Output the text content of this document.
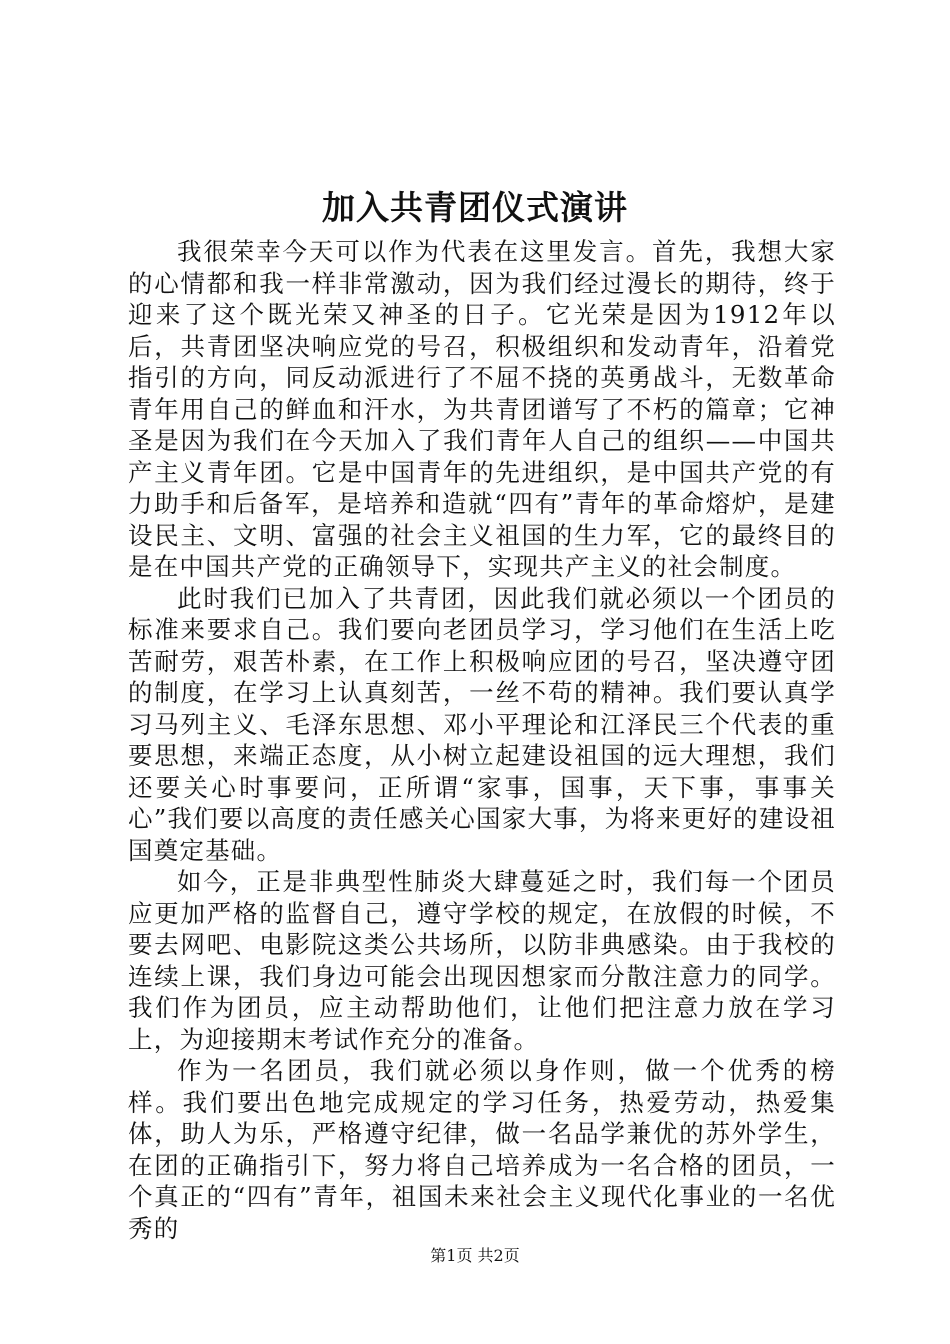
加入共青团仪式演讲

我很荣幸今天可以作为代表在这里发言。首先，我想大家的心情都和我一样非常激动，因为我们经过漫长的期待，终于迎来了这个既光荣又神圣的日子。它光荣是因为1912年以后，共青团坚决响应党的号召，积极组织和发动青年，沿着党指引的方向，同反动派进行了不屈不挠的英勇战斗，无数革命青年用自己的鲜血和汗水，为共青团谱写了不朽的篇章；它神圣是因为我们在今天加入了我们青年人自己的组织——中国共产主义青年团。它是中国青年的先进组织，是中国共产党的有力助手和后备军，是培养和造就“四有”青年的革命熔炉，是建设民主、文明、富强的社会主义祖国的生力军，它的最终目的是在中国共产党的正确领导下，实现共产主义的社会制度。

此时我们已加入了共青团，因此我们就必须以一个团员的标准来要求自己。我们要向老团员学习，学习他们在生活上吃苦耐劳，艰苦朴素，在工作上积极响应团的号召，坚决遵守团的制度，在学习上认真刻苦，一丝不苟的精神。我们要认真学习马列主义、毛泽东思想、邓小平理论和江泽民三个代表的重要思想，来端正态度，从小树立起建设祖国的远大理想，我们还要关心时事要问，正所谓“家事，国事，天下事，事事关心”我们要以高度的责任感关心国家大事，为将来更好的建设祖国奠定基础。

如今，正是非典型性肺炎大肆蔓延之时，我们每一个团员应更加严格的监督自己，遵守学校的规定，在放假的时候，不要去网吧、电影院这类公共场所，以防非典感染。由于我校的连续上课，我们身边可能会出现因想家而分散注意力的同学。我们作为团员，应主动帮助他们，让他们把注意力放在学习上，为迎接期末考试作充分的准备。

作为一名团员，我们就必须以身作则，做一个优秀的榜样。我们要出色地完成规定的学习任务，热爱劳动，热爱集体，助人为乐，严格遵守纪律，做一名品学兼优的苏外学生，在团的正确指引下，努力将自己培养成为一名合格的团员，一个真正的“四有”青年，祖国未来社会主义现代化事业的一名优秀的

第1页 共2页
